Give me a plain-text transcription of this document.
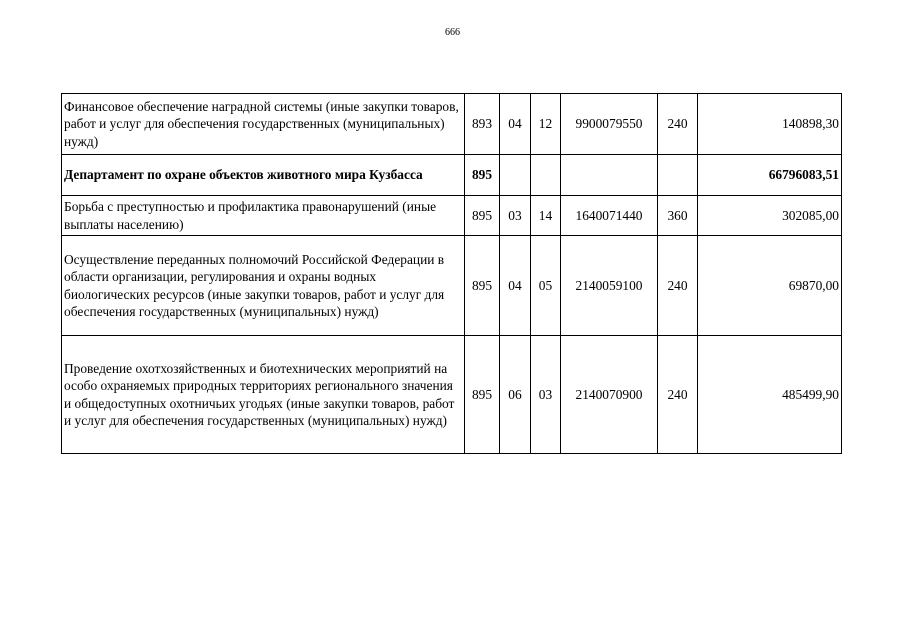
666
Финансовое обеспечение наградной системы (иные закупки товаров, работ и услуг для обеспечения государственных (муниципальных) нужд)	893	04	12	9900079550	240	140898,30
Департамент по охране объектов животного мира Кузбасса	895					66796083,51
Борьба с преступностью и профилактика правонарушений (иные выплаты населению)	895	03	14	1640071440	360	302085,00
Осуществление переданных полномочий Российской Федерации в области организации, регулирования и охраны водных биологических ресурсов (иные закупки товаров, работ и услуг для обеспечения государственных (муниципальных) нужд)	895	04	05	2140059100	240	69870,00
Проведение охотхозяйственных и биотехнических мероприятий на особо охраняемых природных территориях регионального значения и общедоступных охотничьих угодьях (иные закупки товаров, работ и услуг для обеспечения государственных (муниципальных) нужд)	895	06	03	2140070900	240	485499,90
